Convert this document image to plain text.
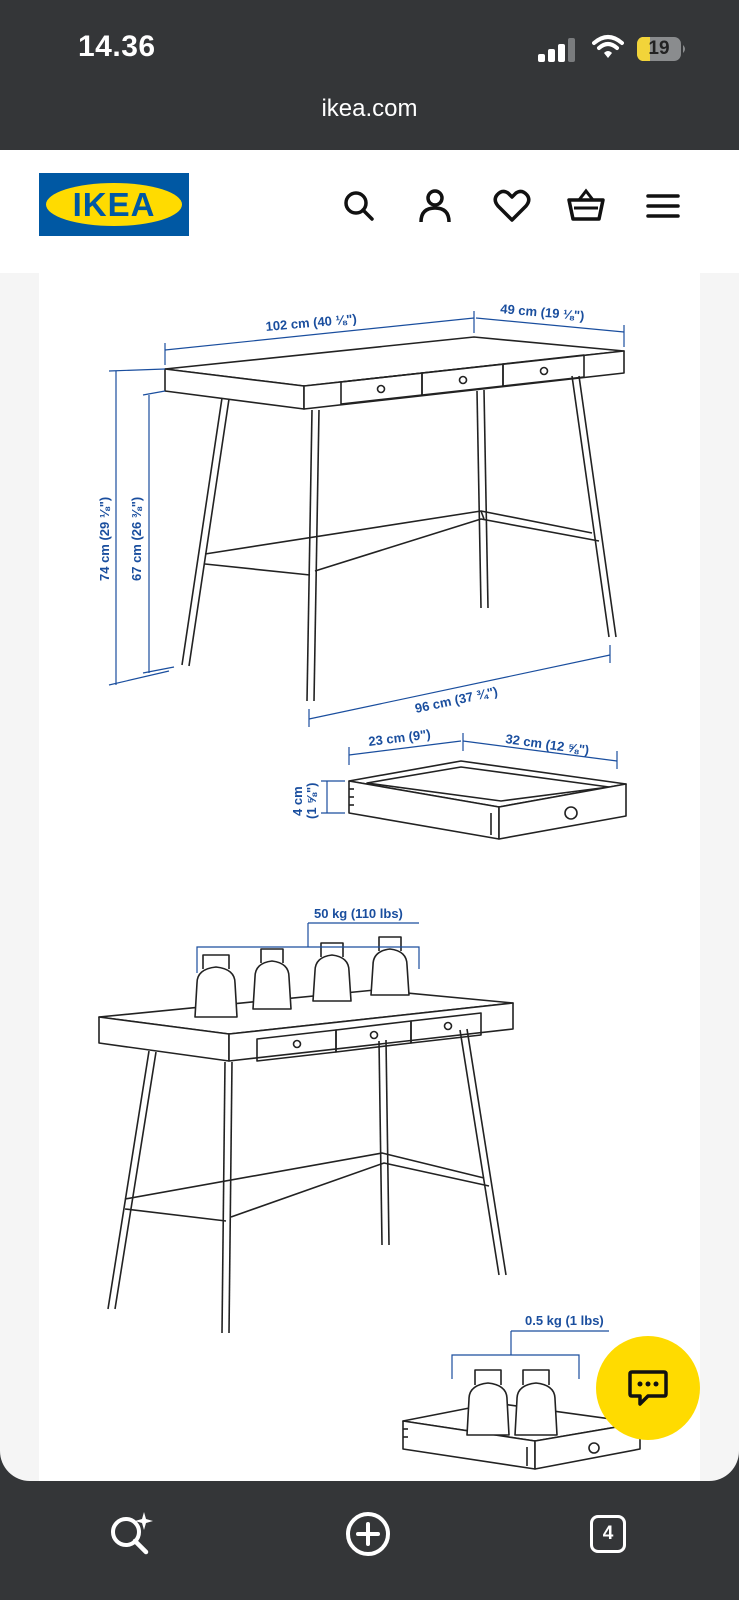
14.36	19
ikea.com
IKEA	®
102 cm (40 ⅛")	49 cm (19 ⅛")
74 cm (29 ⅛") 67 cm (26 ⅜")
96 cm (37 ¾")
23 cm (9")	32 cm (12 ⅝")
4 cm (1 ⅝")
50 kg (110 lbs)
0.5 kg (1 lbs)
4
